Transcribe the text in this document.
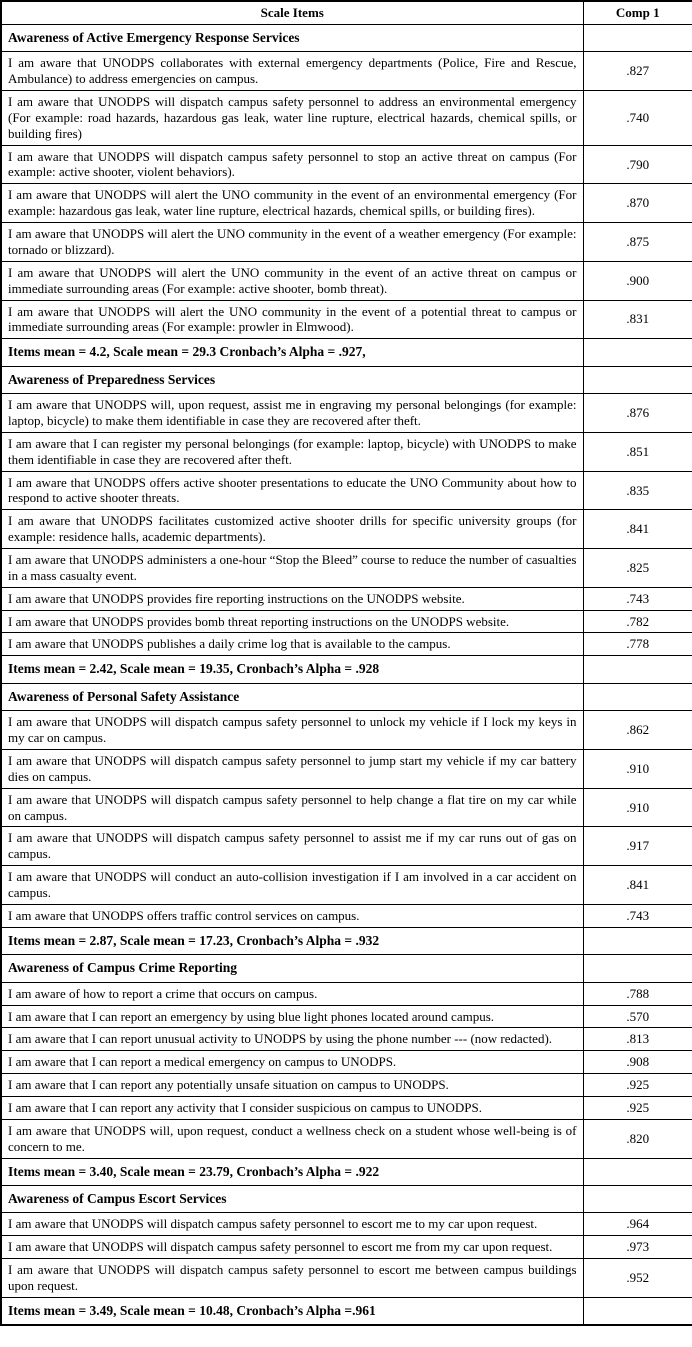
Scale Items	Comp 1
Awareness of Active Emergency Response Services	
I am aware that UNODPS collaborates with external emergency departments (Police, Fire and Rescue, Ambulance) to address emergencies on campus.	.827
I am aware that UNODPS will dispatch campus safety personnel to address an environmental emergency (For example: road hazards, hazardous gas leak, water line rupture, electrical hazards, chemical spills, or building fires)	.740
I am aware that UNODPS will dispatch campus safety personnel to stop an active threat on campus (For example: active shooter, violent behaviors).	.790
I am aware that UNODPS will alert the UNO community in the event of an environmental emergency (For example: hazardous gas leak, water line rupture, electrical hazards, chemical spills, or building fires).	.870
I am aware that UNODPS will alert the UNO community in the event of a weather emergency (For example: tornado or blizzard).	.875
I am aware that UNODPS will alert the UNO community in the event of an active threat on campus or immediate surrounding areas (For example: active shooter, bomb threat).	.900
I am aware that UNODPS will alert the UNO community in the event of a potential threat to campus or immediate surrounding areas (For example: prowler in Elmwood).	.831
Items mean = 4.2, Scale mean = 29.3 Cronbach’s Alpha = .927,	
Awareness of Preparedness Services	
I am aware that UNODPS will, upon request, assist me in engraving my personal belongings (for example: laptop, bicycle) to make them identifiable in case they are recovered after theft.	.876
I am aware that I can register my personal belongings (for example: laptop, bicycle) with UNODPS to make them identifiable in case they are recovered after theft.	.851
I am aware that UNODPS offers active shooter presentations to educate the UNO Community about how to respond to active shooter threats.	.835
I am aware that UNODPS facilitates customized active shooter drills for specific university groups (for example: residence halls, academic departments).	.841
I am aware that UNODPS administers a one-hour “Stop the Bleed” course to reduce the number of casualties in a mass casualty event.	.825
I am aware that UNODPS provides fire reporting instructions on the UNODPS website.	.743
I am aware that UNODPS provides bomb threat reporting instructions on the UNODPS website.	.782
I am aware that UNODPS publishes a daily crime log that is available to the campus.	.778
Items mean = 2.42, Scale mean = 19.35, Cronbach’s Alpha = .928	
Awareness of Personal Safety Assistance	
I am aware that UNODPS will dispatch campus safety personnel to unlock my vehicle if I lock my keys in my car on campus.	.862
I am aware that UNODPS will dispatch campus safety personnel to jump start my vehicle if my car battery dies on campus.	.910
I am aware that UNODPS will dispatch campus safety personnel to help change a flat tire on my car while on campus.	.910
I am aware that UNODPS will dispatch campus safety personnel to assist me if my car runs out of gas on campus.	.917
I am aware that UNODPS will conduct an auto-collision investigation if I am involved in a car accident on campus.	.841
I am aware that UNODPS offers traffic control services on campus.	.743
Items mean = 2.87, Scale mean = 17.23, Cronbach’s Alpha = .932	
Awareness of Campus Crime Reporting	
I am aware of how to report a crime that occurs on campus.	.788
I am aware that I can report an emergency by using blue light phones located around campus.	.570
I am aware that I can report unusual activity to UNODPS by using the phone number --- (now redacted).	.813
I am aware that I can report a medical emergency on campus to UNODPS.	.908
I am aware that I can report any potentially unsafe situation on campus to UNODPS.	.925
I am aware that I can report any activity that I consider suspicious on campus to UNODPS.	.925
I am aware that UNODPS will, upon request, conduct a wellness check on a student whose well-being is of concern to me.	.820
Items mean = 3.40, Scale mean = 23.79, Cronbach’s Alpha = .922	
Awareness of Campus Escort Services	
I am aware that UNODPS will dispatch campus safety personnel to escort me to my car upon request.	.964
I am aware that UNODPS will dispatch campus safety personnel to escort me from my car upon request.	.973
I am aware that UNODPS will dispatch campus safety personnel to escort me between campus buildings upon request.	.952
Items mean = 3.49, Scale mean = 10.48, Cronbach’s Alpha =.961	
